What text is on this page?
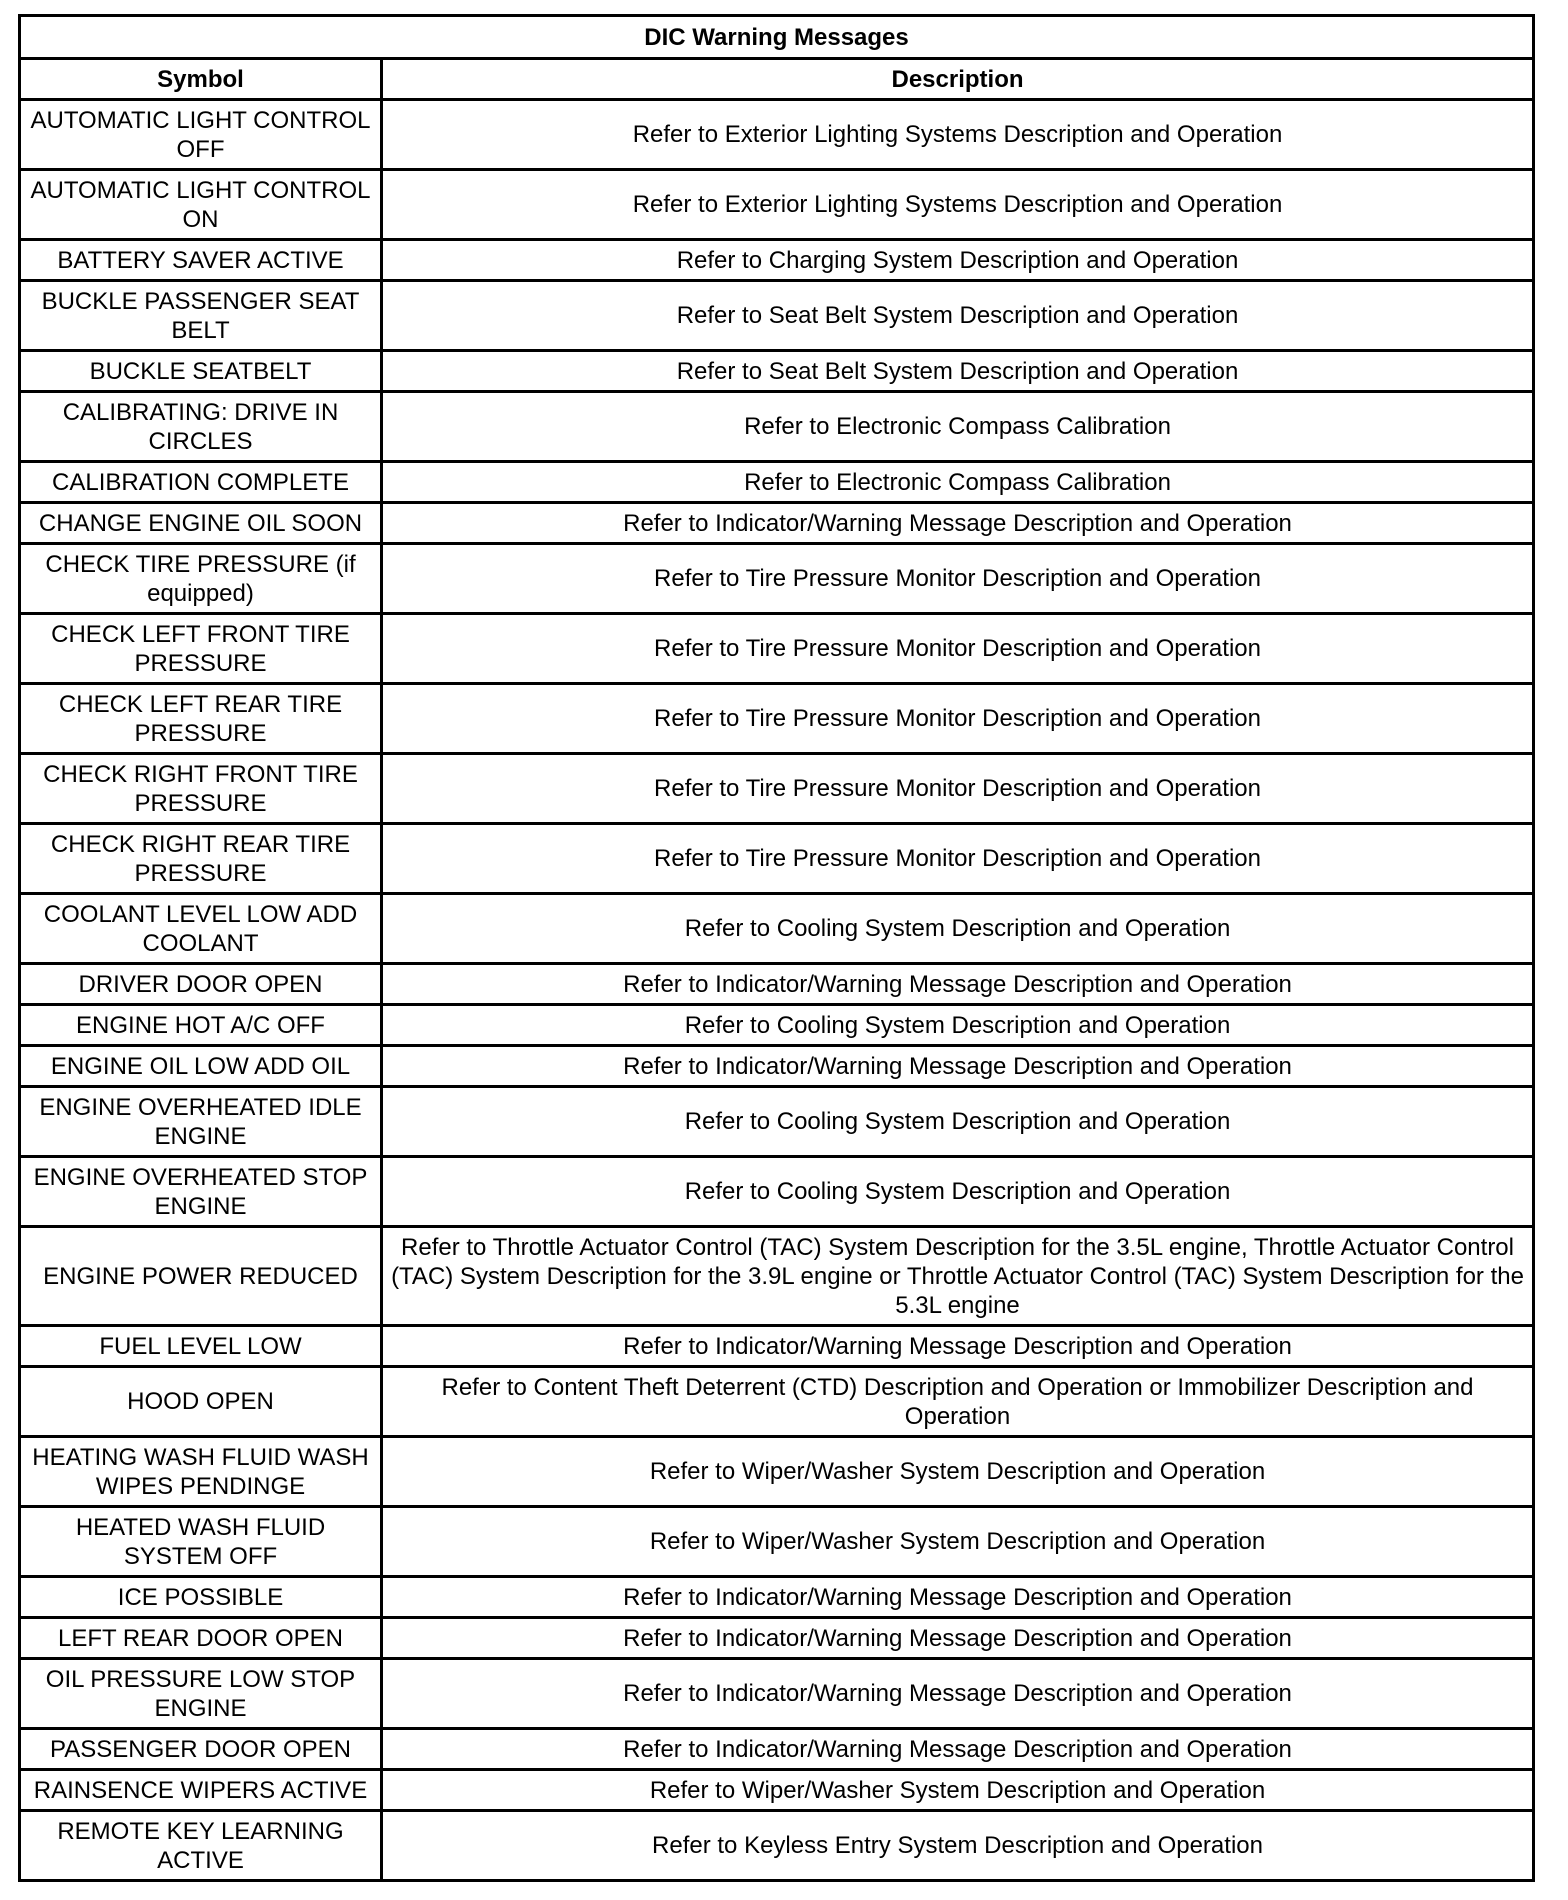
DIC Warning Messages	
Symbol	Description
AUTOMATIC LIGHT CONTROL OFF	Refer to Exterior Lighting Systems Description and Operation
AUTOMATIC LIGHT CONTROL ON	Refer to Exterior Lighting Systems Description and Operation
BATTERY SAVER ACTIVE	Refer to Charging System Description and Operation
BUCKLE PASSENGER SEAT BELT	Refer to Seat Belt System Description and Operation
BUCKLE SEATBELT	Refer to Seat Belt System Description and Operation
CALIBRATING: DRIVE IN CIRCLES	Refer to Electronic Compass Calibration
CALIBRATION COMPLETE	Refer to Electronic Compass Calibration
CHANGE ENGINE OIL SOON	Refer to Indicator/Warning Message Description and Operation
CHECK TIRE PRESSURE (if equipped)	Refer to Tire Pressure Monitor Description and Operation
CHECK LEFT FRONT TIRE PRESSURE	Refer to Tire Pressure Monitor Description and Operation
CHECK LEFT REAR TIRE PRESSURE	Refer to Tire Pressure Monitor Description and Operation
CHECK RIGHT FRONT TIRE PRESSURE	Refer to Tire Pressure Monitor Description and Operation
CHECK RIGHT REAR TIRE PRESSURE	Refer to Tire Pressure Monitor Description and Operation
COOLANT LEVEL LOW ADD COOLANT	Refer to Cooling System Description and Operation
DRIVER DOOR OPEN	Refer to Indicator/Warning Message Description and Operation
ENGINE HOT A/C OFF	Refer to Cooling System Description and Operation
ENGINE OIL LOW ADD OIL	Refer to Indicator/Warning Message Description and Operation
ENGINE OVERHEATED IDLE ENGINE	Refer to Cooling System Description and Operation
ENGINE OVERHEATED STOP ENGINE	Refer to Cooling System Description and Operation
ENGINE POWER REDUCED	Refer to Throttle Actuator Control (TAC) System Description for the 3.5L engine, Throttle Actuator Control (TAC) System Description for the 3.9L engine or Throttle Actuator Control (TAC) System Description for the 5.3L engine
FUEL LEVEL LOW	Refer to Indicator/Warning Message Description and Operation
HOOD OPEN	Refer to Content Theft Deterrent (CTD) Description and Operation or Immobilizer Description and Operation
HEATING WASH FLUID WASH WIPES PENDINGE	Refer to Wiper/Washer System Description and Operation
HEATED WASH FLUID SYSTEM OFF	Refer to Wiper/Washer System Description and Operation
ICE POSSIBLE	Refer to Indicator/Warning Message Description and Operation
LEFT REAR DOOR OPEN	Refer to Indicator/Warning Message Description and Operation
OIL PRESSURE LOW STOP ENGINE	Refer to Indicator/Warning Message Description and Operation
PASSENGER DOOR OPEN	Refer to Indicator/Warning Message Description and Operation
RAINSENCE WIPERS ACTIVE	Refer to Wiper/Washer System Description and Operation
REMOTE KEY LEARNING ACTIVE	Refer to Keyless Entry System Description and Operation
